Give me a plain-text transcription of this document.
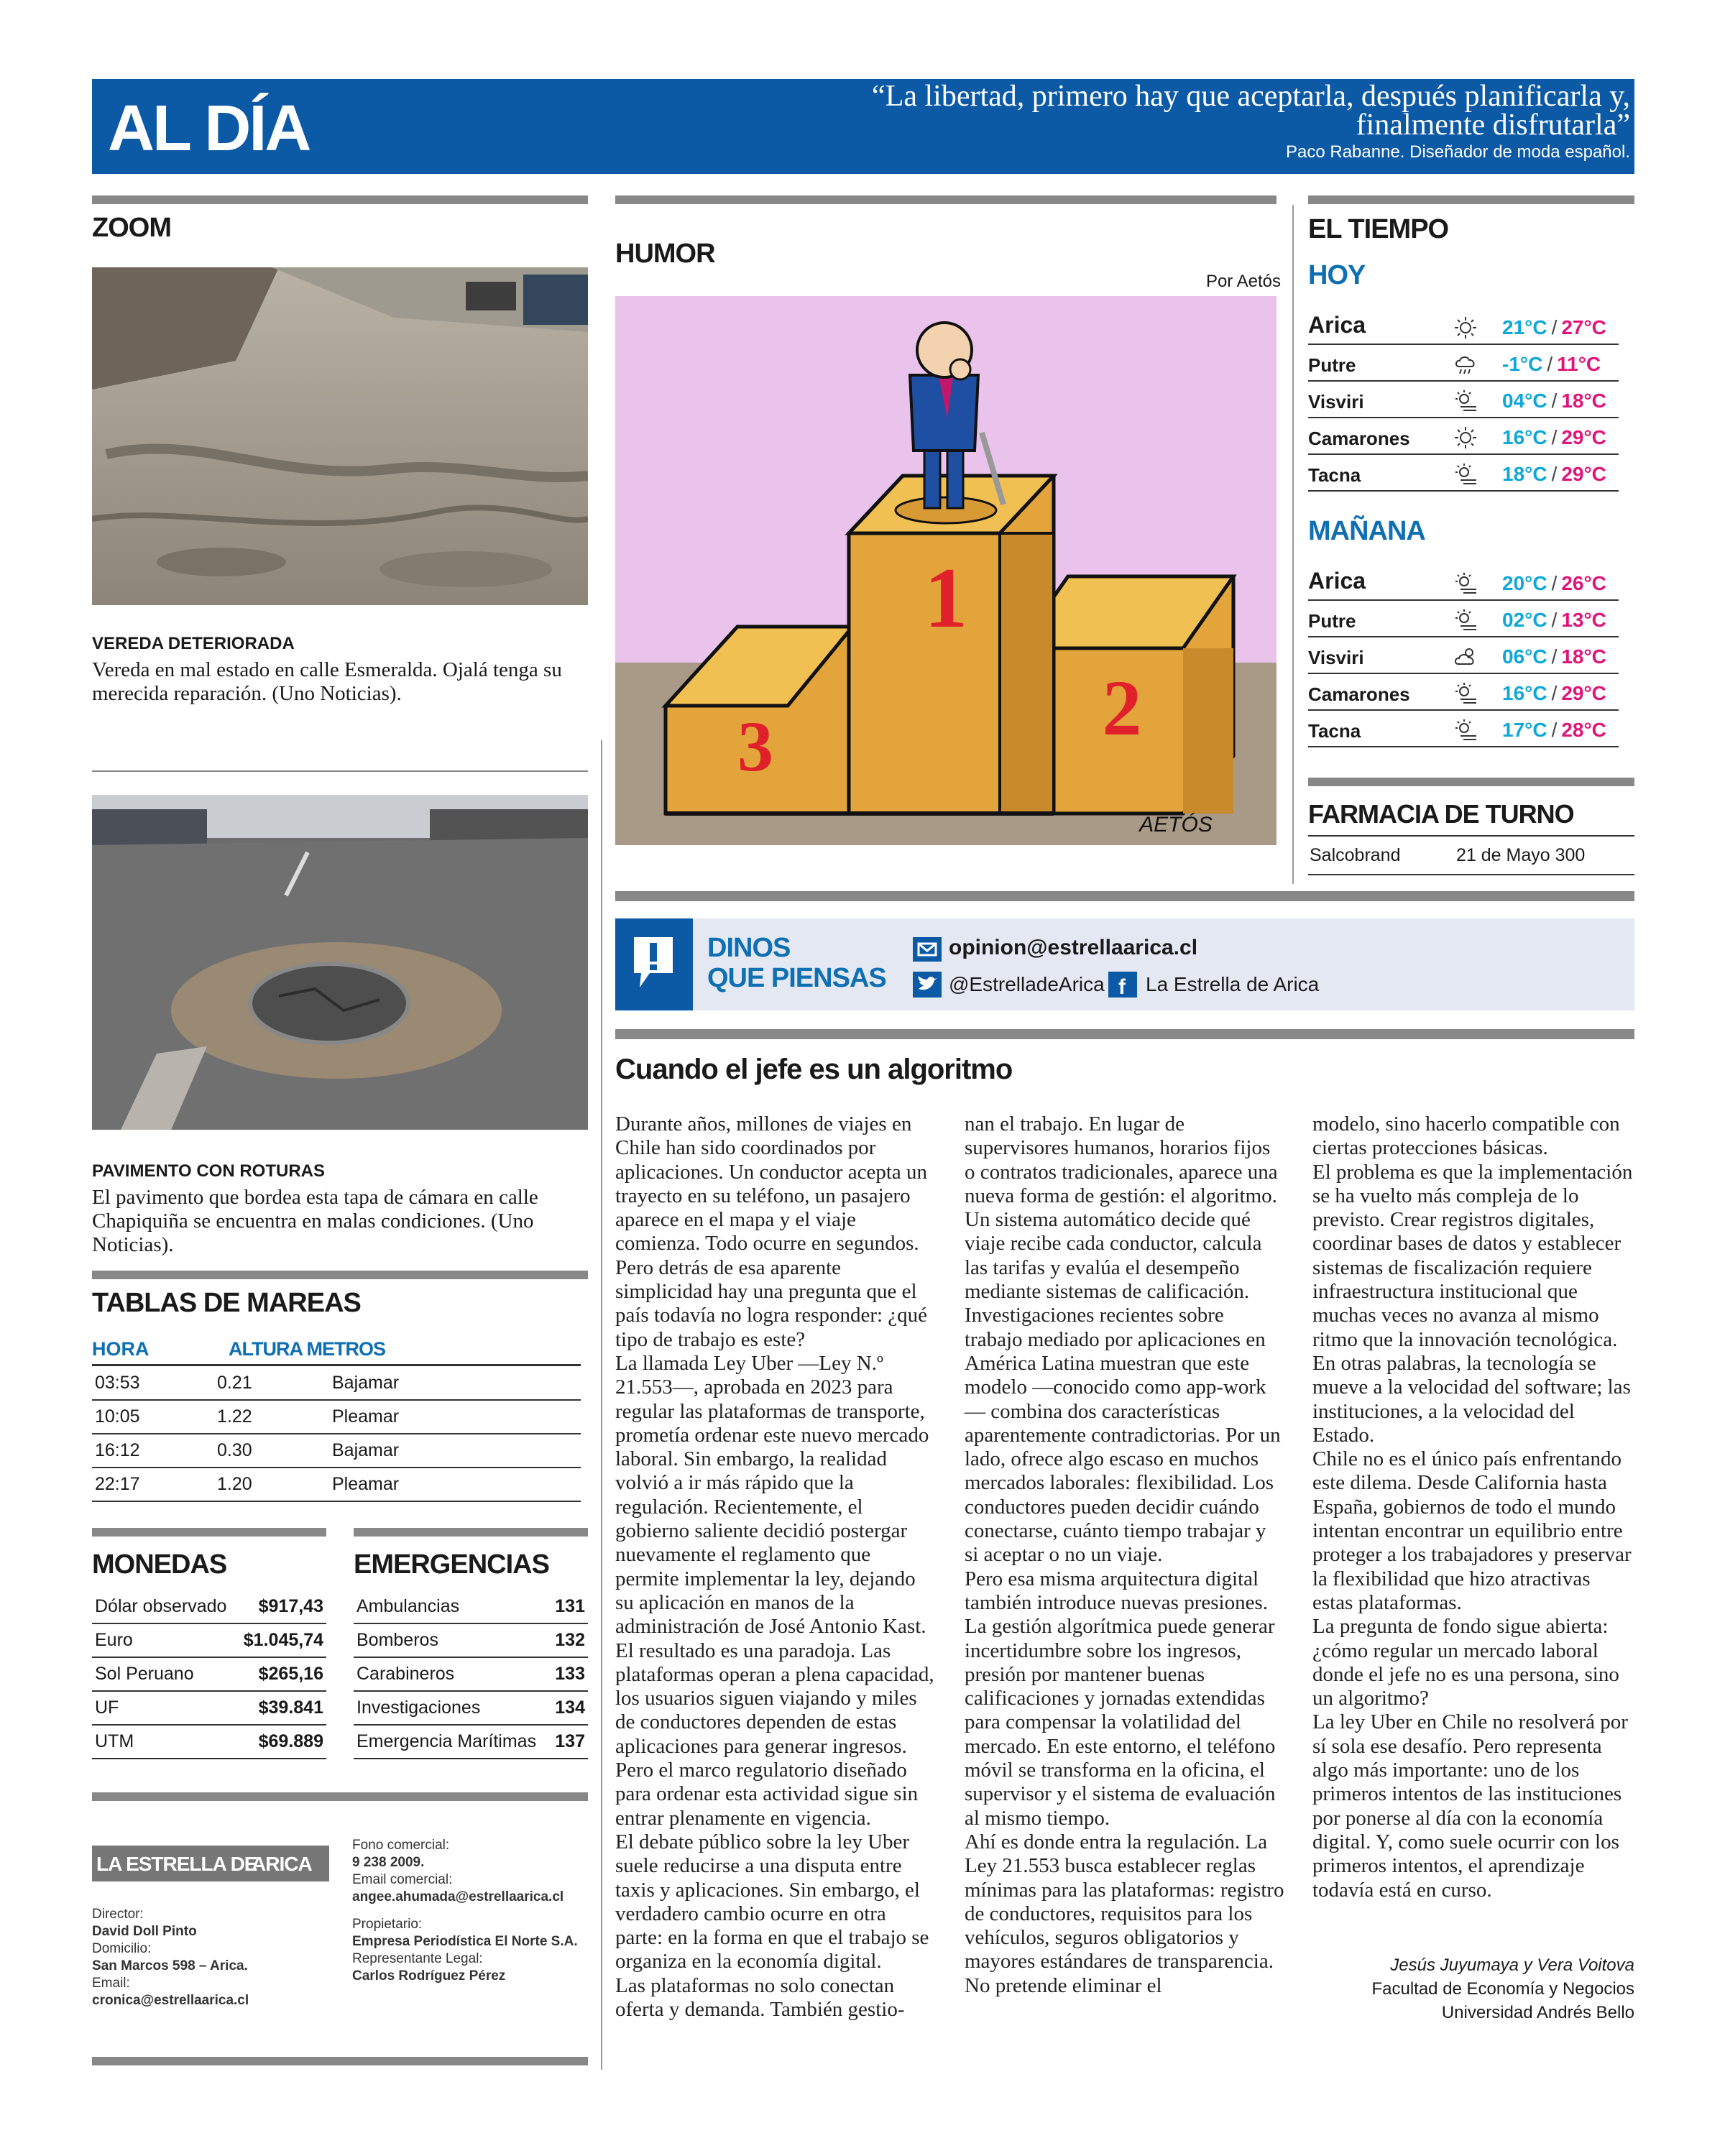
AL DÍA	“La libertad, primero hay que aceptarla, después planificarla y, finalmente disfrutarla”
Paco Rabanne. Diseñador de moda español.
ZOOM
VEREDA DETERIORADA
Vereda en mal estado en calle Esmeralda. Ojalá tenga su merecida reparación. (Uno Noticias).
PAVIMENTO CON ROTURAS
El pavimento que bordea esta tapa de cámara en calle Chapiquiña se encuentra en malas condiciones. (Uno Noticias).
TABLAS DE MAREAS
HORA	ALTURA METROS
03:53	0.21	Bajamar
10:05	1.22	Pleamar
16:12	0.30	Bajamar
22:17	1.20	Pleamar
MONEDAS
Dólar observado	$917,43
Euro	$1.045,74
Sol Peruano	$265,16
UF	$39.841
UTM	$69.889
EMERGENCIAS
Ambulancias	131
Bomberos	132
Carabineros	133
Investigaciones	134
Emergencia Marítimas	137
LA ESTRELLA DE
ARICA
Director:
David Doll Pinto
Domicilio:
San Marcos 598 – Arica.
Email:
cronica@estrellaarica.cl
Fono comercial:
9 238 2009.
Email comercial:
angee.ahumada@estrellaarica.cl
Propietario:
Empresa Periodística El Norte S.A.
Representante Legal:
Carlos Rodríguez Pérez
HUMOR
Por Aetós
1
2
3
AETÓS
EL TIEMPO
HOY
Arica	21°C / 27°C
Putre	-1°C / 11°C
Visviri	04°C / 18°C
Camarones	16°C / 29°C
Tacna	18°C / 29°C
MAÑANA
Arica	20°C / 26°C
Putre	02°C / 13°C
Visviri	06°C / 18°C
Camarones	16°C / 29°C
Tacna	17°C / 28°C
FARMACIA DE TURNO
Salcobrand	21 de Mayo 300
DINOS
QUE PIENSAS
opinion@estrellaarica.cl
@EstrelladeArica f La Estrella de Arica
Cuando el jefe es un algoritmo

Durante años, millones de viajes en Chile han sido coordinados por aplicaciones. Un conductor acepta un trayecto en su teléfono, un pasajero aparece en el mapa y el viaje comienza. Todo ocurre en segundos.

Pero detrás de esa aparente simplicidad hay una pregunta que el país todavía no logra responder: ¿qué tipo de trabajo es este?

La llamada Ley Uber —Ley N.º 21.553—, aprobada en 2023 para regular las plataformas de transporte, prometía ordenar este nuevo mercado laboral. Sin embargo, la realidad volvió a ir más rápido que la regulación. Recientemente, el gobierno saliente decidió postergar nuevamente el reglamento que permite implementar la ley, dejando su aplicación en manos de la administración de José Antonio Kast.

El resultado es una paradoja. Las plataformas operan a plena capacidad, los usuarios siguen viajando y miles de conductores dependen de estas aplicaciones para generar ingresos. Pero el marco regulatorio diseñado para ordenar esta actividad sigue sin entrar plenamente en vigencia.

El debate público sobre la ley Uber suele reducirse a una disputa entre taxis y aplicaciones. Sin embargo, el verdadero cambio ocurre en otra parte: en la forma en que el trabajo se organiza en la economía digital.

Las plataformas no solo conectan oferta y demanda. También gestio-

nan el trabajo. En lugar de supervisores humanos, horarios fijos o contratos tradicionales, aparece una nueva forma de gestión: el algoritmo. Un sistema automático decide qué viaje recibe cada conductor, calcula las tarifas y evalúa el desempeño mediante sistemas de calificación.

Investigaciones recientes sobre trabajo mediado por aplicaciones en América Latina muestran que este modelo —conocido como app-work— combina dos características aparentemente contradictorias. Por un lado, ofrece algo escaso en muchos mercados laborales: flexibilidad. Los conductores pueden decidir cuándo conectarse, cuánto tiempo trabajar y si aceptar o no un viaje.

Pero esa misma arquitectura digital también introduce nuevas presiones. La gestión algorítmica puede generar incertidumbre sobre los ingresos, presión por mantener buenas calificaciones y jornadas extendidas para compensar la volatilidad del mercado. En este entorno, el teléfono móvil se transforma en la oficina, el supervisor y el sistema de evaluación al mismo tiempo.

Ahí es donde entra la regulación. La Ley 21.553 busca establecer reglas mínimas para las plataformas: registro de conductores, requisitos para los vehículos, seguros obligatorios y mayores estándares de transparencia. No pretende eliminar el

modelo, sino hacerlo compatible con ciertas protecciones básicas.

El problema es que la implementación se ha vuelto más compleja de lo previsto. Crear registros digitales, coordinar bases de datos y establecer sistemas de fiscalización requiere infraestructura institucional que muchas veces no avanza al mismo ritmo que la innovación tecnológica.

En otras palabras, la tecnología se mueve a la velocidad del software; las instituciones, a la velocidad del Estado.

Chile no es el único país enfrentando este dilema. Desde California hasta España, gobiernos de todo el mundo intentan encontrar un equilibrio entre proteger a los trabajadores y preservar la flexibilidad que hizo atractivas estas plataformas.

La pregunta de fondo sigue abierta: ¿cómo regular un mercado laboral donde el jefe no es una persona, sino un algoritmo?

La ley Uber en Chile no resolverá por sí sola ese desafío. Pero representa algo más importante: uno de los primeros intentos de las instituciones por ponerse al día con la economía digital. Y, como suele ocurrir con los primeros intentos, el aprendizaje todavía está en curso.

Jesús Juyumaya y Vera Voitova
Facultad de Economía y Negocios
Universidad Andrés Bello
